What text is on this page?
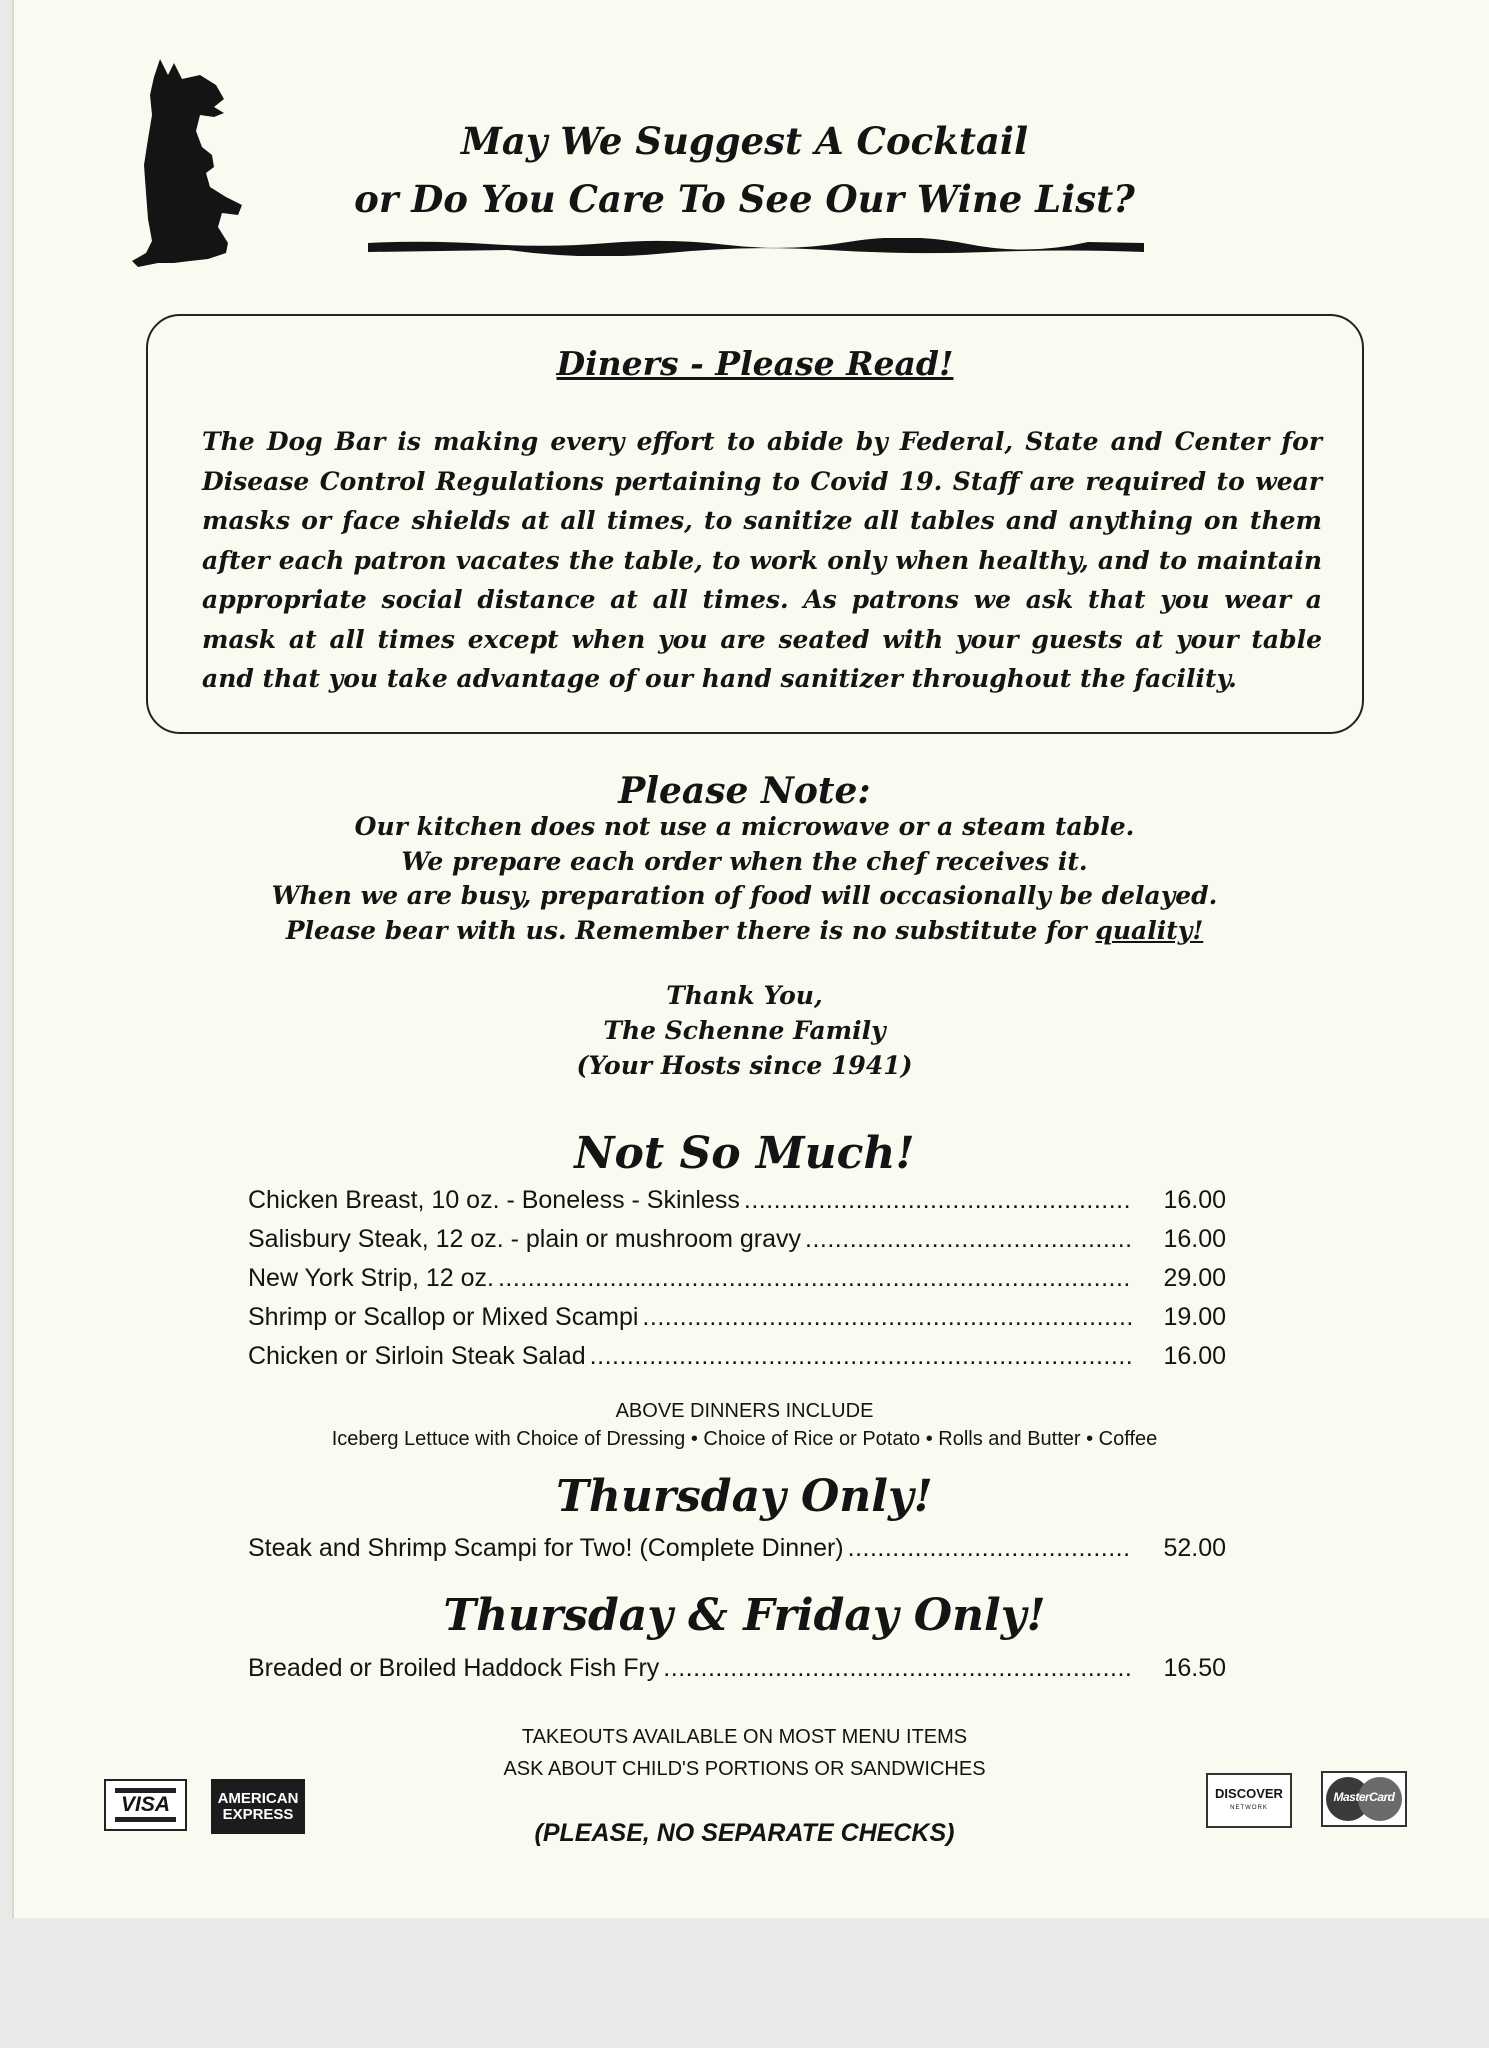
May We Suggest A Cocktail
or Do You Care To See Our Wine List?
Diners - Please Read!
The Dog Bar is making every effort to abide by Federal, State and Center for Disease Control Regulations pertaining to Covid 19. Staff are required to wear masks or face shields at all times, to sanitize all tables and anything on them after each patron vacates the table, to work only when healthy, and to maintain appropriate social distance at all times. As patrons we ask that you wear a mask at all times except when you are seated with your guests at your table and that you take advantage of our hand sanitizer throughout the facility.
Please Note:
Our kitchen does not use a microwave or a steam table.
We prepare each order when the chef receives it.
When we are busy, preparation of food will occasionally be delayed.
Please bear with us. Remember there is no substitute for quality!
Thank You,
The Schenne Family
(Your Hosts since 1941)
Not So Much!
Chicken Breast, 10 oz. - Boneless - Skinless .....	16.00
Salisbury Steak, 12 oz. - plain or mushroom gravy .....	16.00
New York Strip, 12 oz. .....	29.00
Shrimp or Scallop or Mixed Scampi .....	19.00
Chicken or Sirloin Steak Salad .....	16.00
ABOVE DINNERS INCLUDE
Iceberg Lettuce with Choice of Dressing • Choice of Rice or Potato • Rolls and Butter • Coffee
Thursday Only!
Steak and Shrimp Scampi for Two! (Complete Dinner) .....	52.00
Thursday & Friday Only!
Breaded or Broiled Haddock Fish Fry .....	16.50
TAKEOUTS AVAILABLE ON MOST MENU ITEMS
ASK ABOUT CHILD'S PORTIONS OR SANDWICHES
(PLEASE, NO SEPARATE CHECKS)
VISA	AMERICAN
EXPRESS
DISCOVER
NETWORK
MasterCard
